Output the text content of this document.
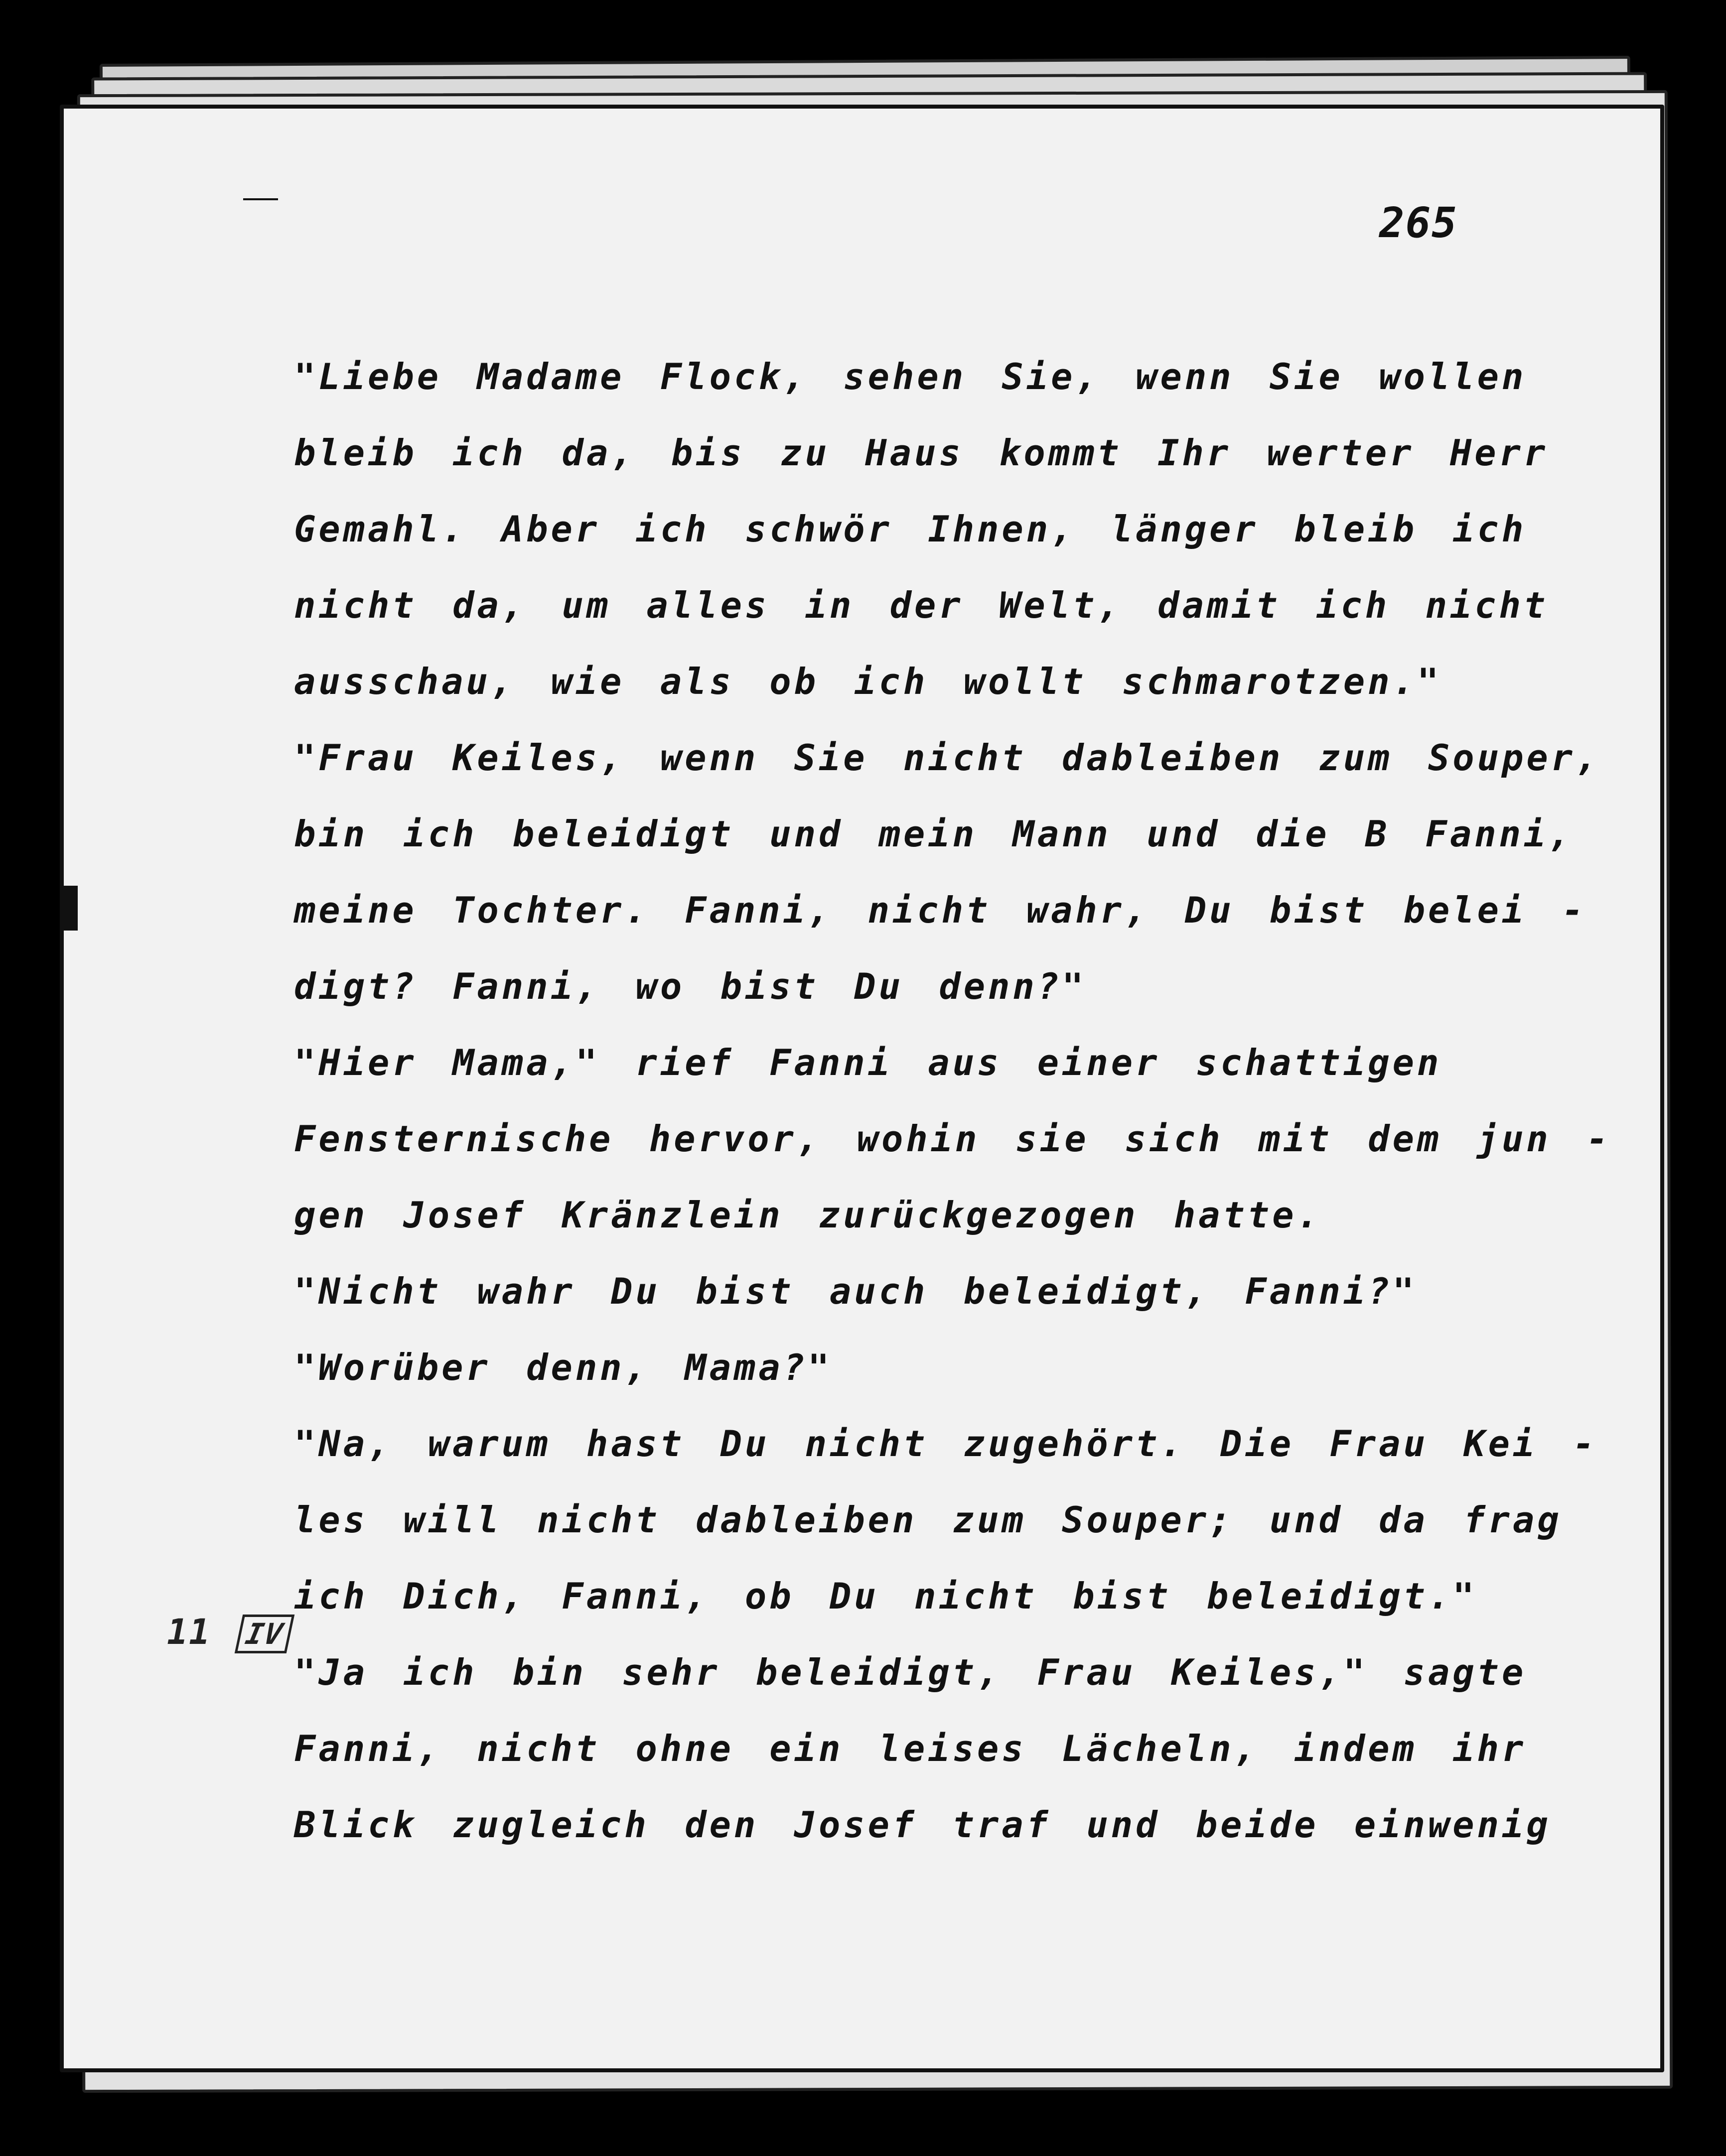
265
"Liebe Madame Flock, sehen Sie, wenn Sie wollen
bleib ich da, bis zu Haus kommt Ihr werter Herr
Gemahl. Aber ich schwör Ihnen, länger bleib ich
nicht da, um alles in der Welt, damit ich nicht
ausschau, wie als ob ich wollt schmarotzen."
"Frau Keiles, wenn Sie nicht dableiben zum Souper,
bin ich beleidigt und mein Mann und die B Fanni,
meine Tochter. Fanni, nicht wahr, Du bist belei -
digt? Fanni, wo bist Du denn?"
"Hier Mama," rief Fanni aus einer schattigen
Fensternische hervor, wohin sie sich mit dem jun -
gen Josef Kränzlein zurückgezogen hatte.
"Nicht wahr Du bist auch beleidigt, Fanni?"
"Worüber denn, Mama?"
"Na, warum hast Du nicht zugehört. Die Frau Kei -
les will nicht dableiben zum Souper; und da frag
ich Dich, Fanni, ob Du nicht bist beleidigt."
"Ja ich bin sehr beleidigt, Frau Keiles," sagte
Fanni, nicht ohne ein leises Lächeln, indem ihr
Blick zugleich den Josef traf und beide einwenig
11 IV
